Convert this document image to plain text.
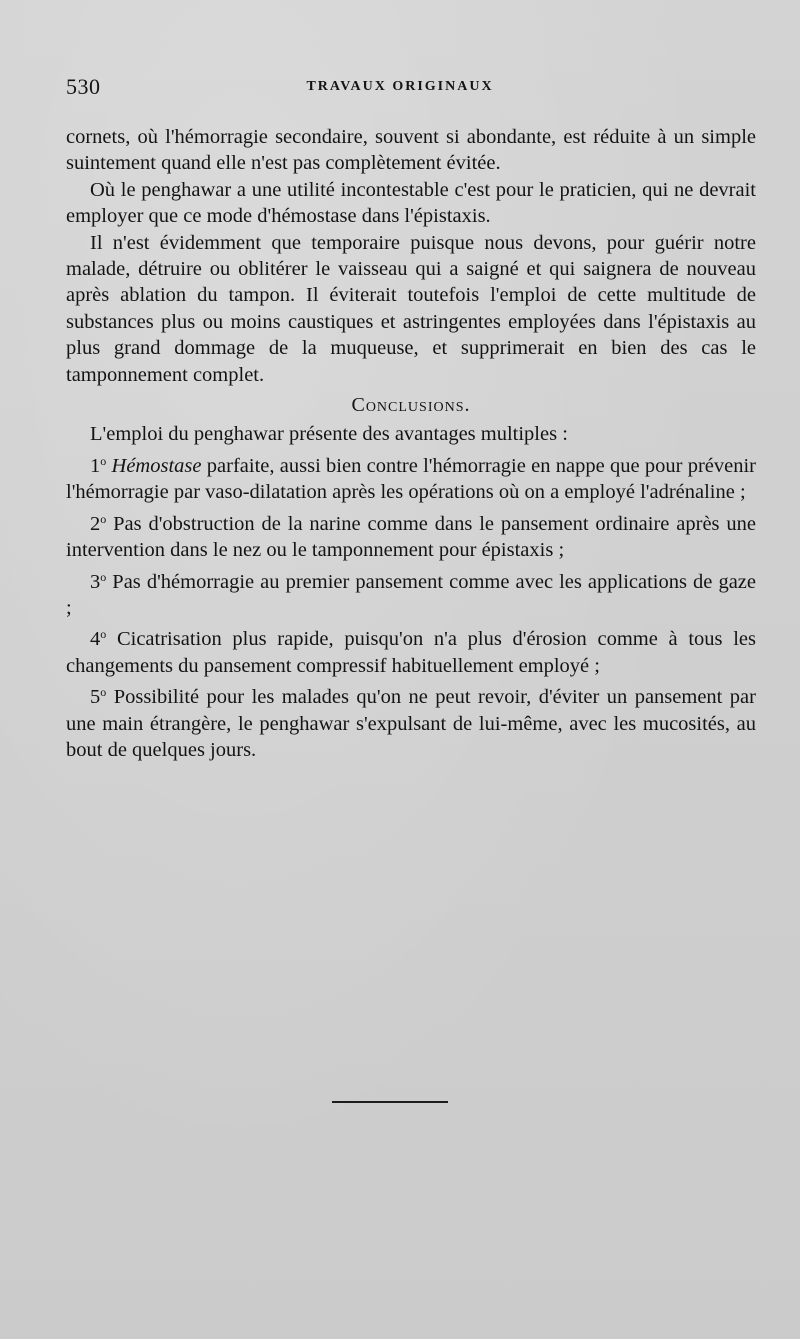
530	TRAVAUX ORIGINAUX

cornets, où l'hémorragie secondaire, souvent si abondante, est réduite à un simple suintement quand elle n'est pas complètement évitée.

Où le penghawar a une utilité incontestable c'est pour le praticien, qui ne devrait employer que ce mode d'hémostase dans l'épistaxis.

Il n'est évidemment que temporaire puisque nous devons, pour guérir notre malade, détruire ou oblitérer le vaisseau qui a saigné et qui saignera de nouveau après ablation du tampon. Il éviterait toutefois l'emploi de cette multitude de substances plus ou moins caustiques et astringentes employées dans l'épistaxis au plus grand dommage de la muqueuse, et supprimerait en bien des cas le tamponnement complet.

Conclusions.

L'emploi du penghawar présente des avantages multiples :

1$^o$ Hémostase parfaite, aussi bien contre l'hémorragie en nappe que pour prévenir l'hémorragie par vaso-dilatation après les opérations où on a employé l'adrénaline ;

2$^o$ Pas d'obstruction de la narine comme dans le pansement ordinaire après une intervention dans le nez ou le tamponnement pour épistaxis ;

3$^o$ Pas d'hémorragie au premier pansement comme avec les applications de gaze ;

4$^o$ Cicatrisation plus rapide, puisqu'on n'a plus d'érosion comme à tous les changements du pansement compressif habituellement employé ;

5$^o$ Possibilité pour les malades qu'on ne peut revoir, d'éviter un pansement par une main étrangère, le penghawar s'expulsant de lui-même, avec les mucosités, au bout de quelques jours.
